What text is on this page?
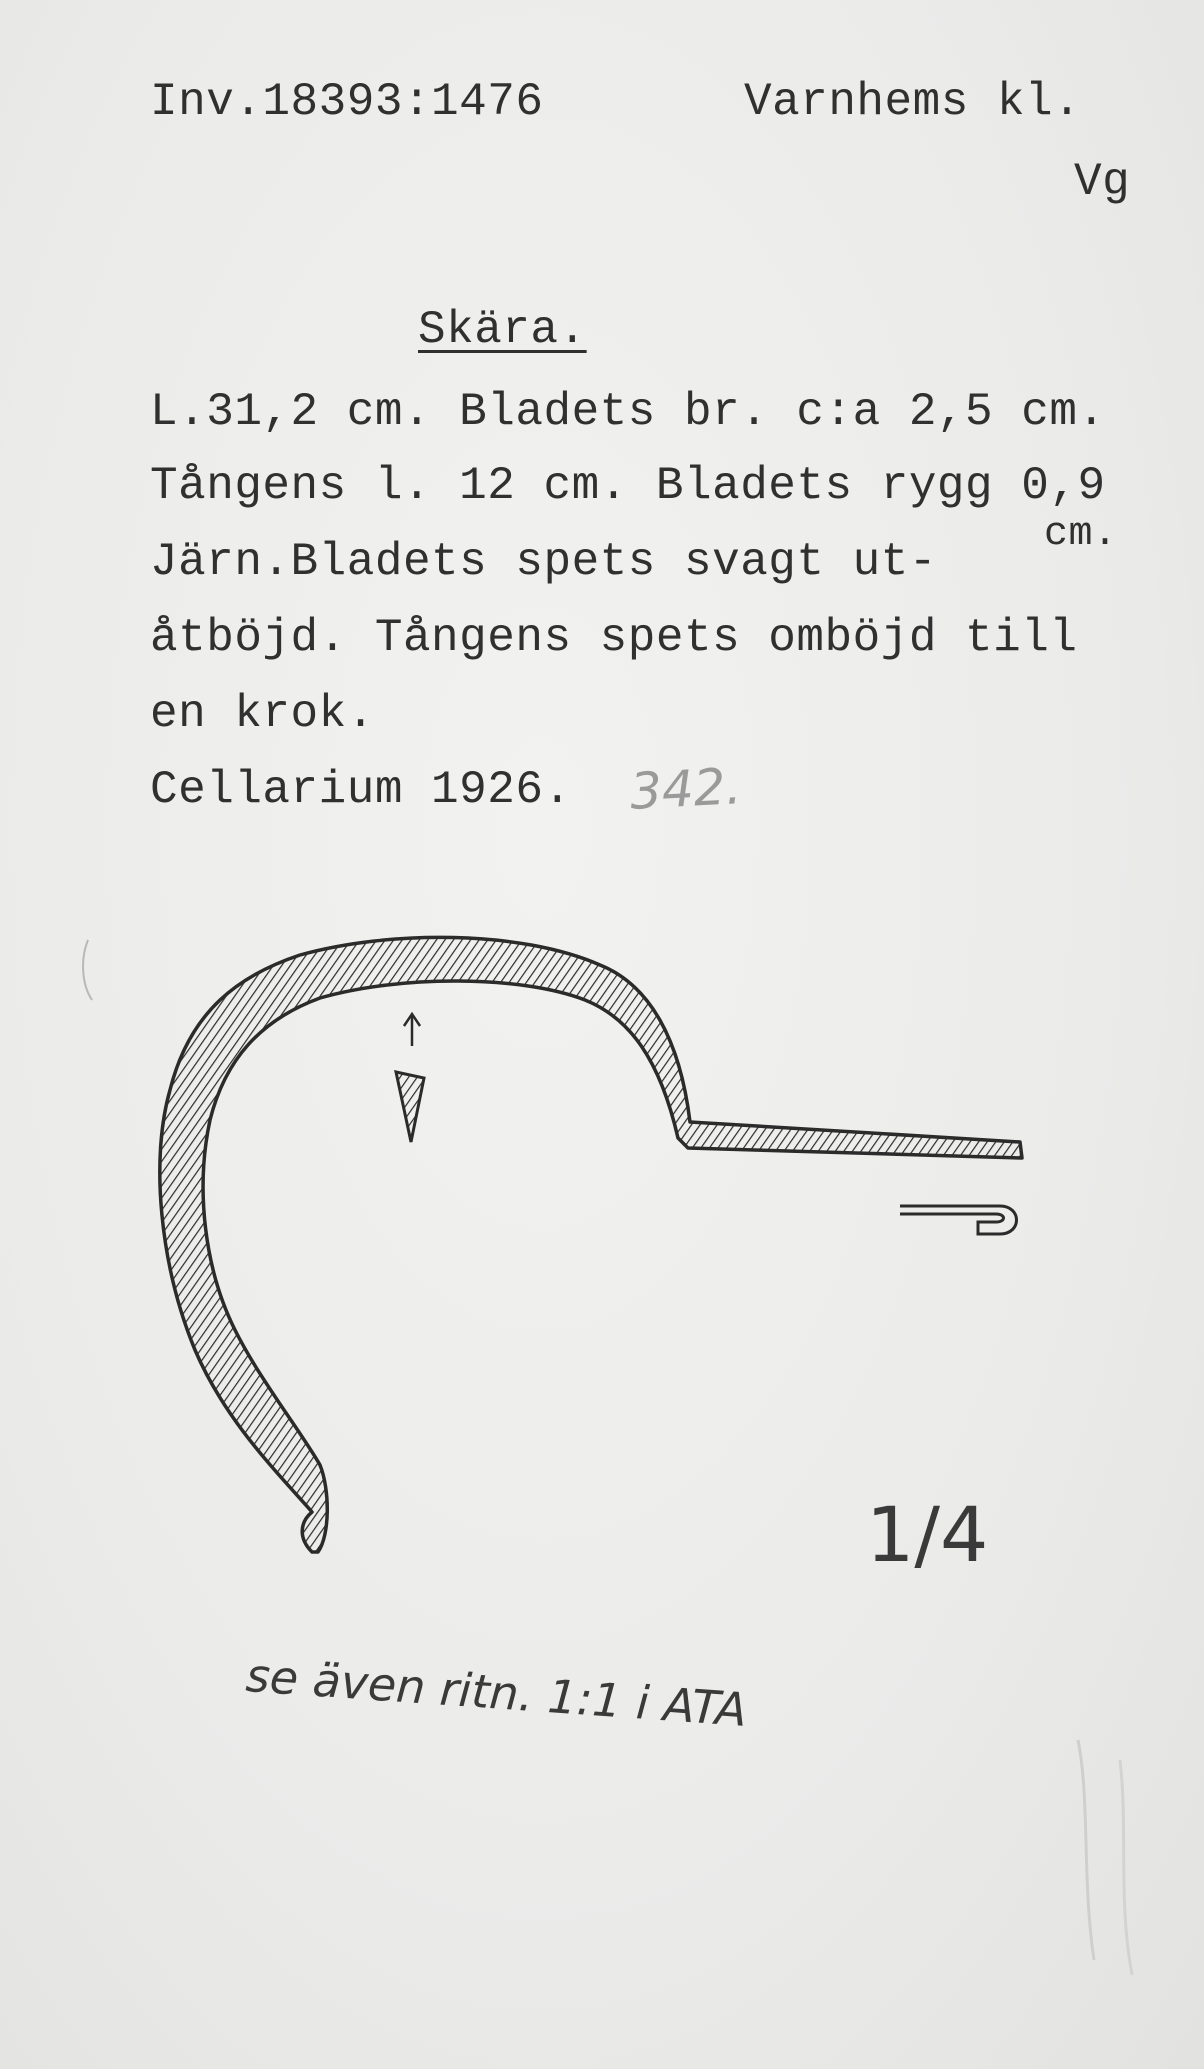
Inv.18393:1476	Varnhems kl.
Vg
Skära.
L.31,2 cm. Bladets br. c:a 2,5 cm.
Tångens l. 12 cm. Bladets rygg 0,9
cm.
Järn.Bladets spets svagt ut-
åtböjd. Tångens spets omböjd till
en krok.
Cellarium 1926. 342.
1/4
se även ritn. 1:1 i ATA
